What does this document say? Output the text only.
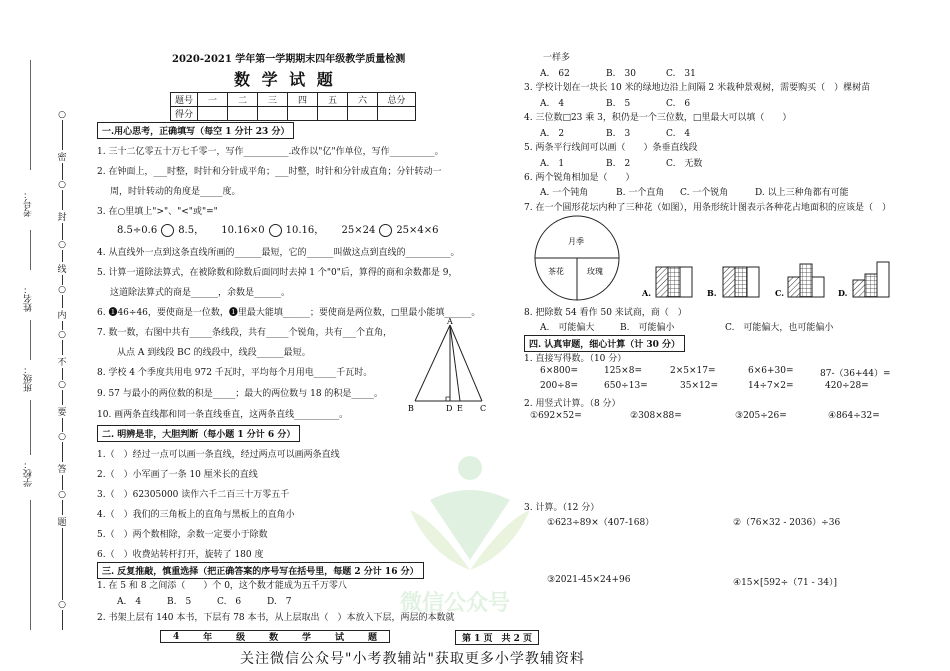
考号：
姓名：
班级：
学校：
○
密
○
封
○
线
○
内
○
不
○
要
○
答
○
题
○
2020-2021 学年第一学期期末四年级教学质量检测
数 学 试 题
题号	一	二	三	四	五	六	总分
得分							
一.用心思考，正确填写（每空 1 分计 23 分）
1. 三十二亿零五十万七千零一，写作__________.改作以"亿"作单位，写作__________。
2. 在钟面上，___时整，时针和分针成平角；___时整，时针和分针成直角；分针转动一
周，时针转动的角度是_____度。
3. 在○里填上">"、"<"或"="
8.5÷0.6 8.5， 10.16×0 10.16， 25×24 25×4×6
4. 从直线外一点到这条直线所画的______最短，它的______叫做这点到直线的__________。
5. 计算一道除法算式，在被除数和除数后面同时去掉 1 个"0"后，算得的商和余数都是 9，
这道除法算式的商是______，余数是______。
6. ❶46÷46，要使商是一位数，❶里最大能填______；要使商是两位数，□里最小能填______。
7. 数一数，右图中共有_____条线段，共有_____个锐角，共有___个直角，
从点 A 到线段 BC 的线段中，线段______最短。
8. 学校 4 个季度共用电 972 千瓦时，平均每个月用电_____千瓦时。
9. 57 与最小的两位数的积是_____；最大的两位数与 18 的积是_____。
10. 画两条直线都和同一条直线垂直，这两条直线__________。
A
B	D E C
二. 明辨是非，大胆判断（每小题 1 分计 6 分）
1.（　）经过一点可以画一条直线，经过两点可以画两条直线
2.（　）小军画了一条 10 厘米长的直线
3.（　）62305000 读作六千二百三十万零五千
4.（　）我们的三角板上的直角与黑板上的直角小
5.（　）两个数相除，余数一定要小于除数
6.（　）收费站转杆打开，旋转了 180 度
三. 反复推敲，慎重选择（把正确答案的序号写在括号里，每题 2 分计 16 分）
1. 在 5 和 8 之间添（　　）个 0，这个数才能成为五千万零八
A.　4	B.　5	C.　6	D.　7
2. 书架上层有 140 本书，下层有 78 本书，从上层取出（　）本放入下层，两层的本数就
4	年	级	数	学	试	题
一样多
A.　62	B.　30	C.　31
3. 学校计划在一块长 10 米的绿地边沿上间隔 2 米栽种景观树，需要购买（　）棵树苗
A.　4	B.　5	C.　6
4. 三位数□23 乘 3，积仍是一个三位数，□里最大可以填（　　）
A.　2	B.　3	C.　4
5. 两条平行线间可以画（　　）条垂直线段
A.　1	B.　2	C.　无数
6. 两个锐角相加是（　　）
A. 一个钝角	B. 一个直角 C. 一个锐角	D. 以上三种角都有可能
7. 在一个圆形花坛内种了三种花（如图），用条形统计图表示各种花占地面积的应该是（　）
月季
茶花	玫瑰
A.	B.	C.	D.
8. 把除数 54 看作 50 来试商，商（　）
A.　可能偏大	B.　可能偏小	C.　可能偏大，也可能偏小
四. 认真审题，细心计算（计 30 分）
1. 直接写得数。（10 分）
6×800=	125×8=	2×5×17=	6×6+30=	87-（36+44）=
200÷8=	650÷13=	35×12=	14÷7×2=	420÷28=
2. 用竖式计算。（8 分）
①692×52=	②308×88=	③205÷26=	④864÷32=
3. 计算。（12 分）
①623÷89×（407-168）	②（76×32 - 2036）÷36
③2021-45×24+96	④15×[592÷（71 - 34）]
第 1 页　共 2 页
微信公众号
关注微信公众号"小考教辅站"获取更多小学教辅资料
